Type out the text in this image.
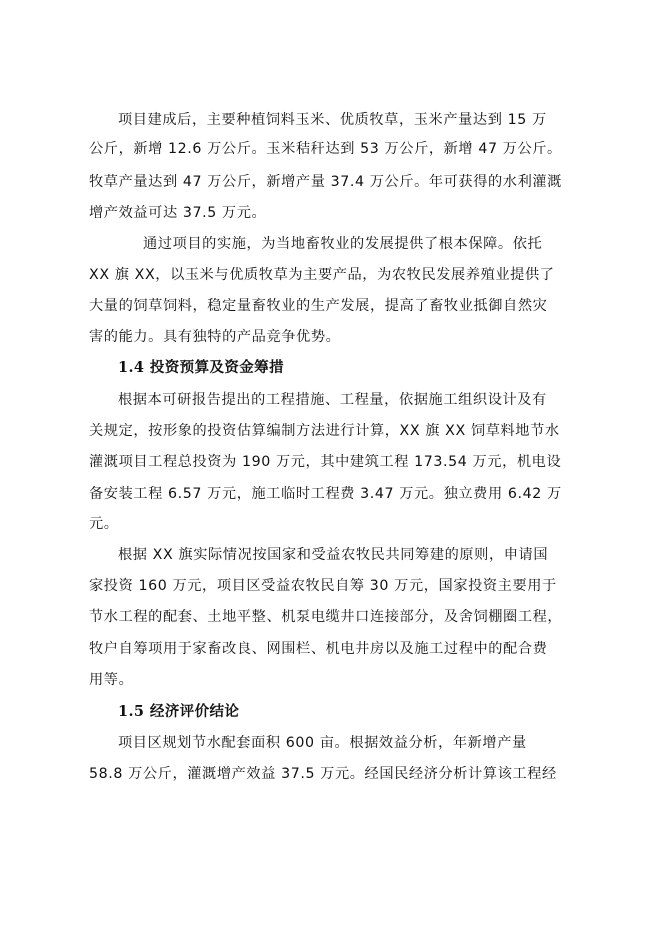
项目建成后，主要种植饲料玉米、优质牧草，玉米产量达到 15 万
公斤，新增 12.6 万公斤。玉米秸秆达到 53 万公斤，新增 47 万公斤。
牧草产量达到 47 万公斤，新增产量 37.4 万公斤。年可获得的水利灌溉
增产效益可达 37.5 万元。
通过项目的实施，为当地畜牧业的发展提供了根本保障。依托
XX 旗 XX，以玉米与优质牧草为主要产品，为农牧民发展养殖业提供了
大量的饲草饲料，稳定量畜牧业的生产发展，提高了畜牧业抵御自然灾
害的能力。具有独特的产品竞争优势。
1.4 投资预算及资金筹措
根据本可研报告提出的工程措施、工程量，依据施工组织设计及有
关规定，按形象的投资估算编制方法进行计算，XX 旗 XX 饲草料地节水
灌溉项目工程总投资为 190 万元，其中建筑工程 173.54 万元，机电设
备安装工程 6.57 万元，施工临时工程费 3.47 万元。独立费用 6.42 万
元。
根据 XX 旗实际情况按国家和受益农牧民共同筹建的原则，申请国
家投资 160 万元，项目区受益农牧民自筹 30 万元，国家投资主要用于
节水工程的配套、土地平整、机泵电缆井口连接部分，及舍饲棚圈工程，
牧户自筹项用于家畜改良、网围栏、机电井房以及施工过程中的配合费
用等。
1.5 经济评价结论
项目区规划节水配套面积 600 亩。根据效益分析，年新增产量
58.8 万公斤，灌溉增产效益 37.5 万元。经国民经济分析计算该工程经
